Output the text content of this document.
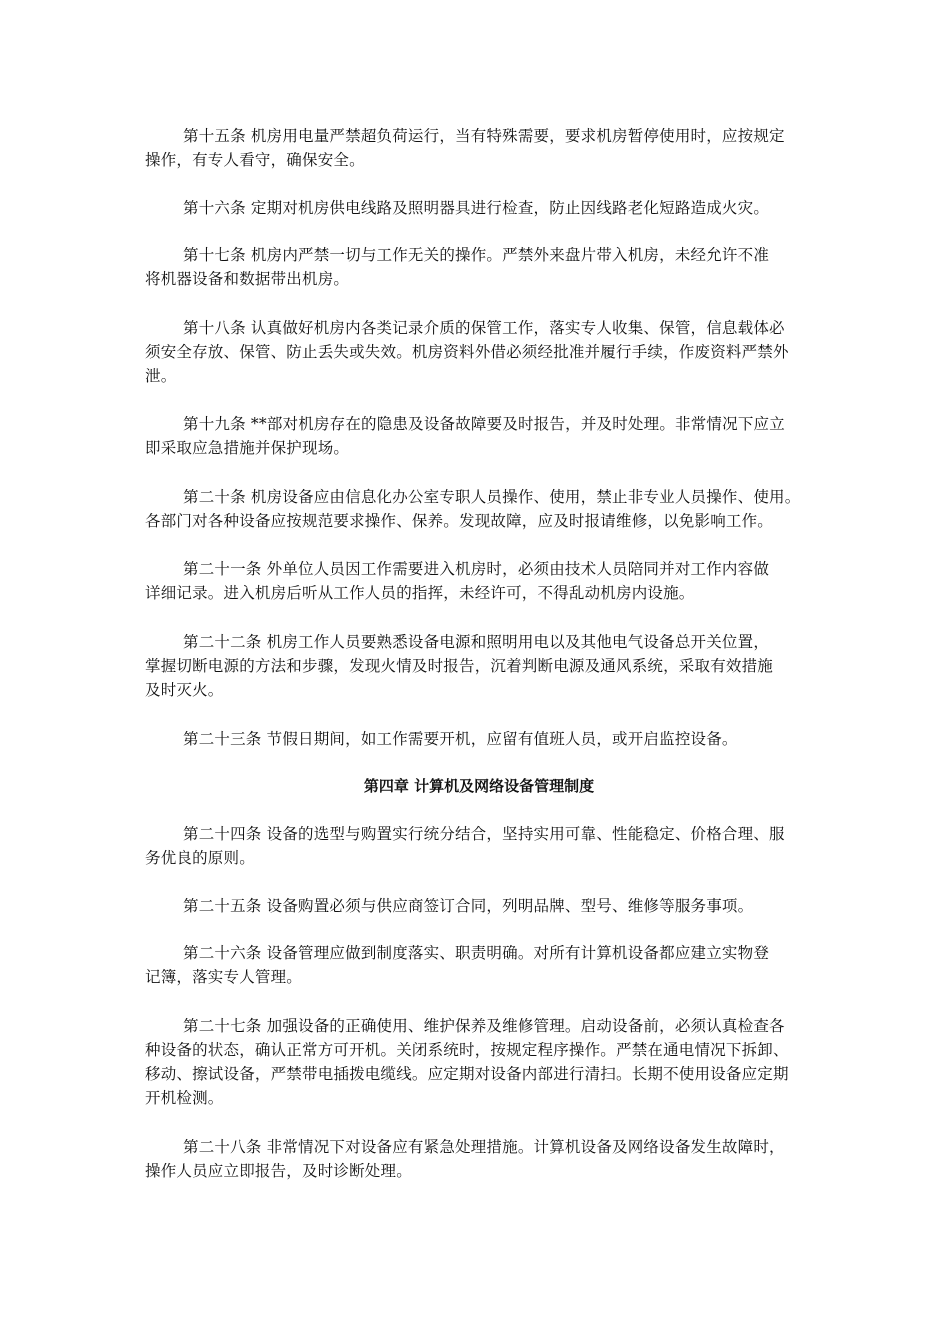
第十五条 机房用电量严禁超负荷运行，当有特殊需要，要求机房暂停使用时，应按规定
操作，有专人看守，确保安全。
第十六条 定期对机房供电线路及照明器具进行检查，防止因线路老化短路造成火灾。
第十七条 机房内严禁一切与工作无关的操作。严禁外来盘片带入机房，未经允许不准
将机器设备和数据带出机房。
第十八条 认真做好机房内各类记录介质的保管工作，落实专人收集、保管，信息载体必
须安全存放、保管、防止丢失或失效。机房资料外借必须经批准并履行手续，作废资料严禁外
泄。
第十九条 **部对机房存在的隐患及设备故障要及时报告，并及时处理。非常情况下应立
即采取应急措施并保护现场。
第二十条 机房设备应由信息化办公室专职人员操作、使用，禁止非专业人员操作、使用。
各部门对各种设备应按规范要求操作、保养。发现故障，应及时报请维修，以免影响工作。
第二十一条 外单位人员因工作需要进入机房时，必须由技术人员陪同并对工作内容做
详细记录。进入机房后听从工作人员的指挥，未经许可，不得乱动机房内设施。
第二十二条 机房工作人员要熟悉设备电源和照明用电以及其他电气设备总开关位置，
掌握切断电源的方法和步骤，发现火情及时报告，沉着判断电源及通风系统，采取有效措施
及时灭火。
第二十三条 节假日期间，如工作需要开机，应留有值班人员，或开启监控设备。
第四章 计算机及网络设备管理制度
第二十四条 设备的选型与购置实行统分结合，坚持实用可靠、性能稳定、价格合理、服
务优良的原则。
第二十五条 设备购置必须与供应商签订合同，列明品牌、型号、维修等服务事项。
第二十六条 设备管理应做到制度落实、职责明确。对所有计算机设备都应建立实物登
记簿，落实专人管理。
第二十七条 加强设备的正确使用、维护保养及维修管理。启动设备前，必须认真检查各
种设备的状态，确认正常方可开机。关闭系统时，按规定程序操作。严禁在通电情况下拆卸、
移动、擦试设备，严禁带电插拨电缆线。应定期对设备内部进行清扫。长期不使用设备应定期
开机检测。
第二十八条 非常情况下对设备应有紧急处理措施。计算机设备及网络设备发生故障时，
操作人员应立即报告，及时诊断处理。
